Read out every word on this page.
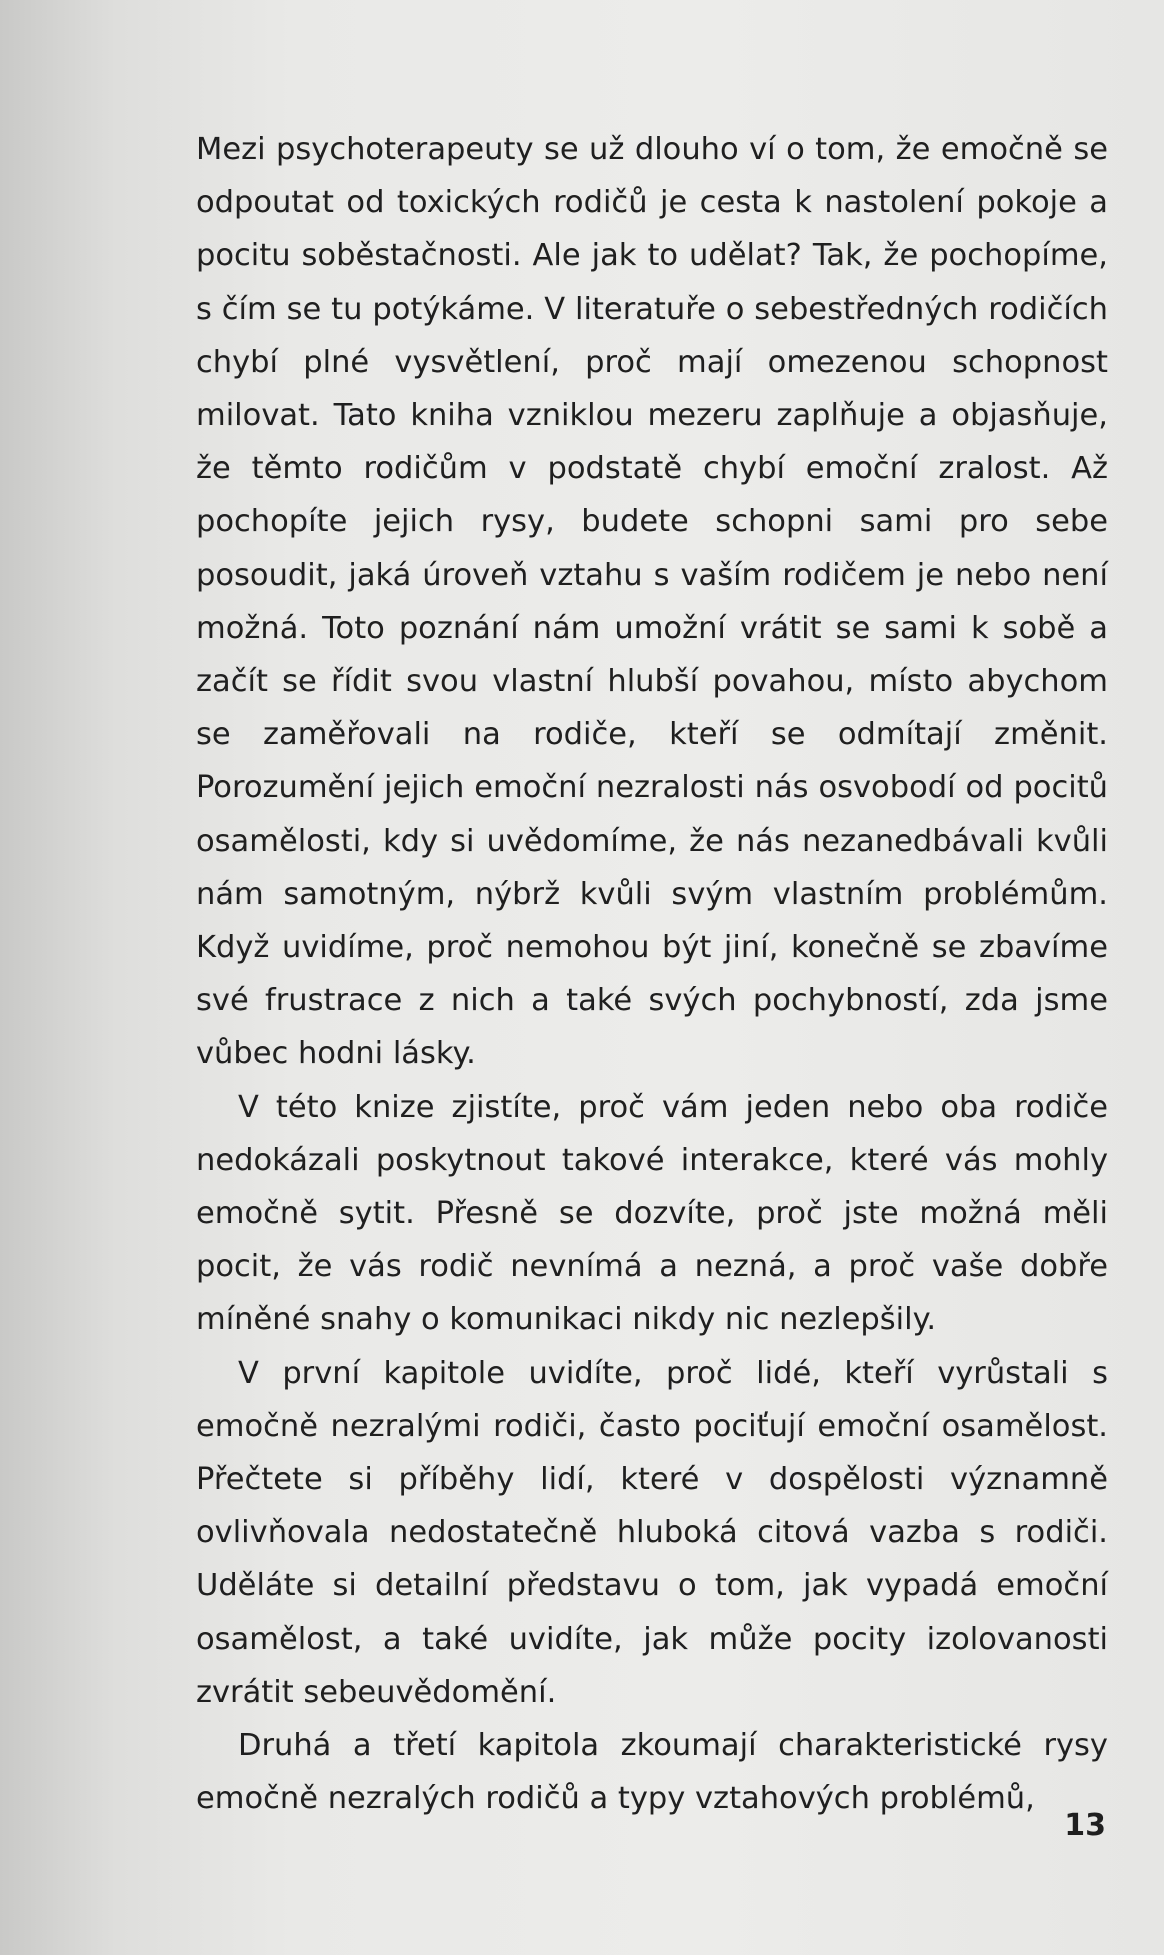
Mezi psychoterapeuty se už dlouho ví o tom, že emočně se odpoutat od toxických rodičů je cesta k nastolení pokoje a pocitu soběstačnosti. Ale jak to udělat? Tak, že pochopíme, s čím se tu potýkáme. V literatuře o sebestředných rodičích chybí plné vysvětlení, proč mají omezenou schopnost milovat. Tato kniha vzniklou mezeru zaplňuje a objasňuje, že těmto rodičům v podstatě chybí emoční zralost. Až pochopíte jejich rysy, budete schopni sami pro sebe posoudit, jaká úroveň vztahu s vaším rodičem je nebo není možná. Toto poznání nám umožní vrátit se sami k sobě a začít se řídit svou vlastní hlubší povahou, místo abychom se zaměřovali na rodiče, kteří se odmítají změnit. Porozumění jejich emoční nezralosti nás osvobodí od pocitů osamělosti, kdy si uvědomíme, že nás nezanedbávali kvůli nám samotným, nýbrž kvůli svým vlastním problémům. Když uvidíme, proč nemohou být jiní, konečně se zbavíme své frustrace z nich a také svých pochybností, zda jsme vůbec hodni lásky.

V této knize zjistíte, proč vám jeden nebo oba rodiče nedokázali poskytnout takové interakce, které vás mohly emočně sytit. Přesně se dozvíte, proč jste možná měli pocit, že vás rodič nevnímá a nezná, a proč vaše dobře míněné snahy o komunikaci nikdy nic nezlepšily.

V první kapitole uvidíte, proč lidé, kteří vyrůstali s emočně nezralými rodiči, často pociťují emoční osamělost. Přečtete si příběhy lidí, které v dospělosti významně ovlivňovala nedostatečně hluboká citová vazba s rodiči. Uděláte si detailní představu o tom, jak vypadá emoční osamělost, a také uvidíte, jak může pocity izolovanosti zvrátit sebeuvědomění.

Druhá a třetí kapitola zkoumají charakteristické rysy emočně nezralých rodičů a typy vztahových problémů,

13
